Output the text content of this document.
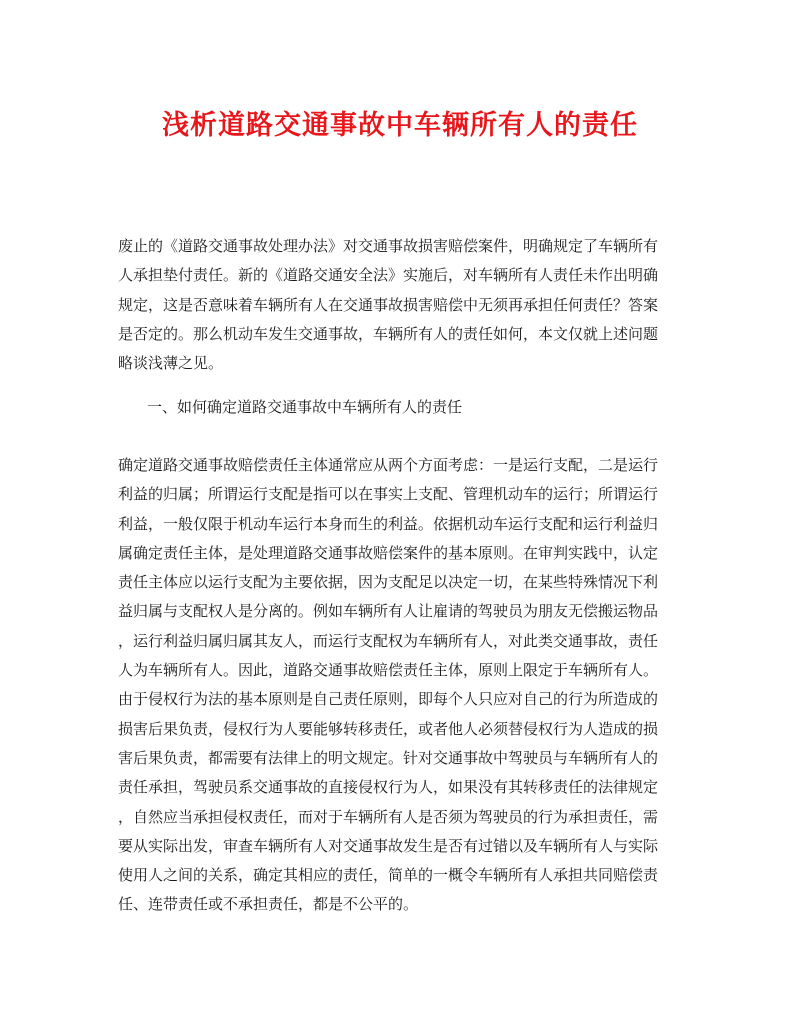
浅析道路交通事故中车辆所有人的责任
废止的《道路交通事故处理办法》对交通事故损害赔偿案件，明确规定了车辆所有
人承担垫付责任。新的《道路交通安全法》实施后，对车辆所有人责任未作出明确
规定，这是否意味着车辆所有人在交通事故损害赔偿中无须再承担任何责任？答案
是否定的。那么机动车发生交通事故，车辆所有人的责任如何，本文仅就上述问题
略谈浅薄之见。

一、如何确定道路交通事故中车辆所有人的责任

确定道路交通事故赔偿责任主体通常应从两个方面考虑：一是运行支配，二是运行
利益的归属；所谓运行支配是指可以在事实上支配、管理机动车的运行；所谓运行
利益，一般仅限于机动车运行本身而生的利益。依据机动车运行支配和运行利益归
属确定责任主体，是处理道路交通事故赔偿案件的基本原则。在审判实践中，认定
责任主体应以运行支配为主要依据，因为支配足以决定一切，在某些特殊情况下利
益归属与支配权人是分离的。例如车辆所有人让雇请的驾驶员为朋友无偿搬运物品
，运行利益归属归属其友人，而运行支配权为车辆所有人，对此类交通事故，责任
人为车辆所有人。因此，道路交通事故赔偿责任主体，原则上限定于车辆所有人。
由于侵权行为法的基本原则是自己责任原则，即每个人只应对自己的行为所造成的
损害后果负责，侵权行为人要能够转移责任，或者他人必须替侵权行为人造成的损
害后果负责，都需要有法律上的明文规定。针对交通事故中驾驶员与车辆所有人的
责任承担，驾驶员系交通事故的直接侵权行为人，如果没有其转移责任的法律规定
，自然应当承担侵权责任，而对于车辆所有人是否须为驾驶员的行为承担责任，需
要从实际出发，审查车辆所有人对交通事故发生是否有过错以及车辆所有人与实际
使用人之间的关系，确定其相应的责任，简单的一概令车辆所有人承担共同赔偿责
任、连带责任或不承担责任，都是不公平的。
